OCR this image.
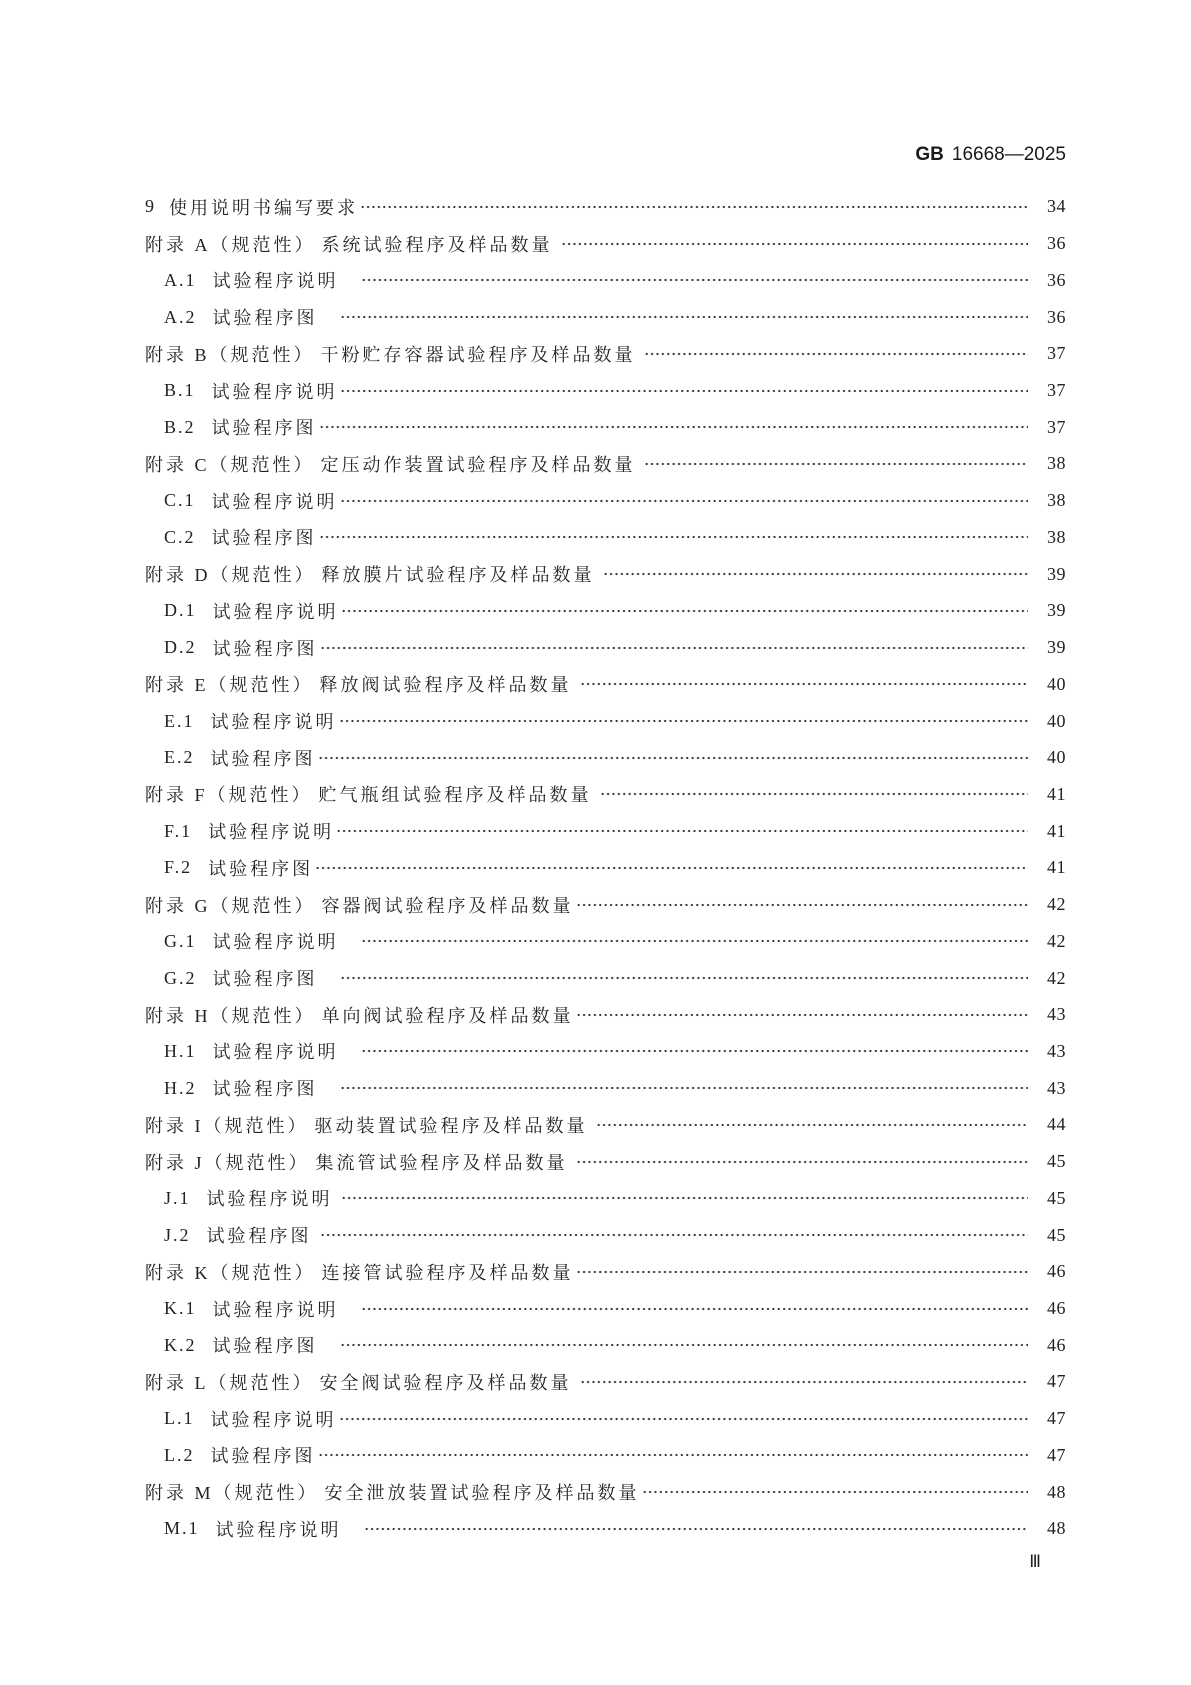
GB 16668—2025
9 使用说明书编写要求	34
附录 A（规范性） 系统试验程序及样品数量	36
A.1 试验程序说明	36
A.2 试验程序图	36
附录 B（规范性） 干粉贮存容器试验程序及样品数量	37
B.1 试验程序说明	37
B.2 试验程序图	37
附录 C（规范性） 定压动作装置试验程序及样品数量	38
C.1 试验程序说明	38
C.2 试验程序图	38
附录 D（规范性） 释放膜片试验程序及样品数量	39
D.1 试验程序说明	39
D.2 试验程序图	39
附录 E（规范性） 释放阀试验程序及样品数量	40
E.1 试验程序说明	40
E.2 试验程序图	40
附录 F（规范性） 贮气瓶组试验程序及样品数量	41
F.1 试验程序说明	41
F.2 试验程序图	41
附录 G（规范性） 容器阀试验程序及样品数量	42
G.1 试验程序说明	42
G.2 试验程序图	42
附录 H（规范性） 单向阀试验程序及样品数量	43
H.1 试验程序说明	43
H.2 试验程序图	43
附录 I（规范性） 驱动装置试验程序及样品数量	44
附录 J（规范性） 集流管试验程序及样品数量	45
J.1 试验程序说明	45
J.2 试验程序图	45
附录 K（规范性） 连接管试验程序及样品数量	46
K.1 试验程序说明	46
K.2 试验程序图	46
附录 L（规范性） 安全阀试验程序及样品数量	47
L.1 试验程序说明	47
L.2 试验程序图	47
附录 M（规范性） 安全泄放装置试验程序及样品数量	48
M.1 试验程序说明	48
Ⅲ
